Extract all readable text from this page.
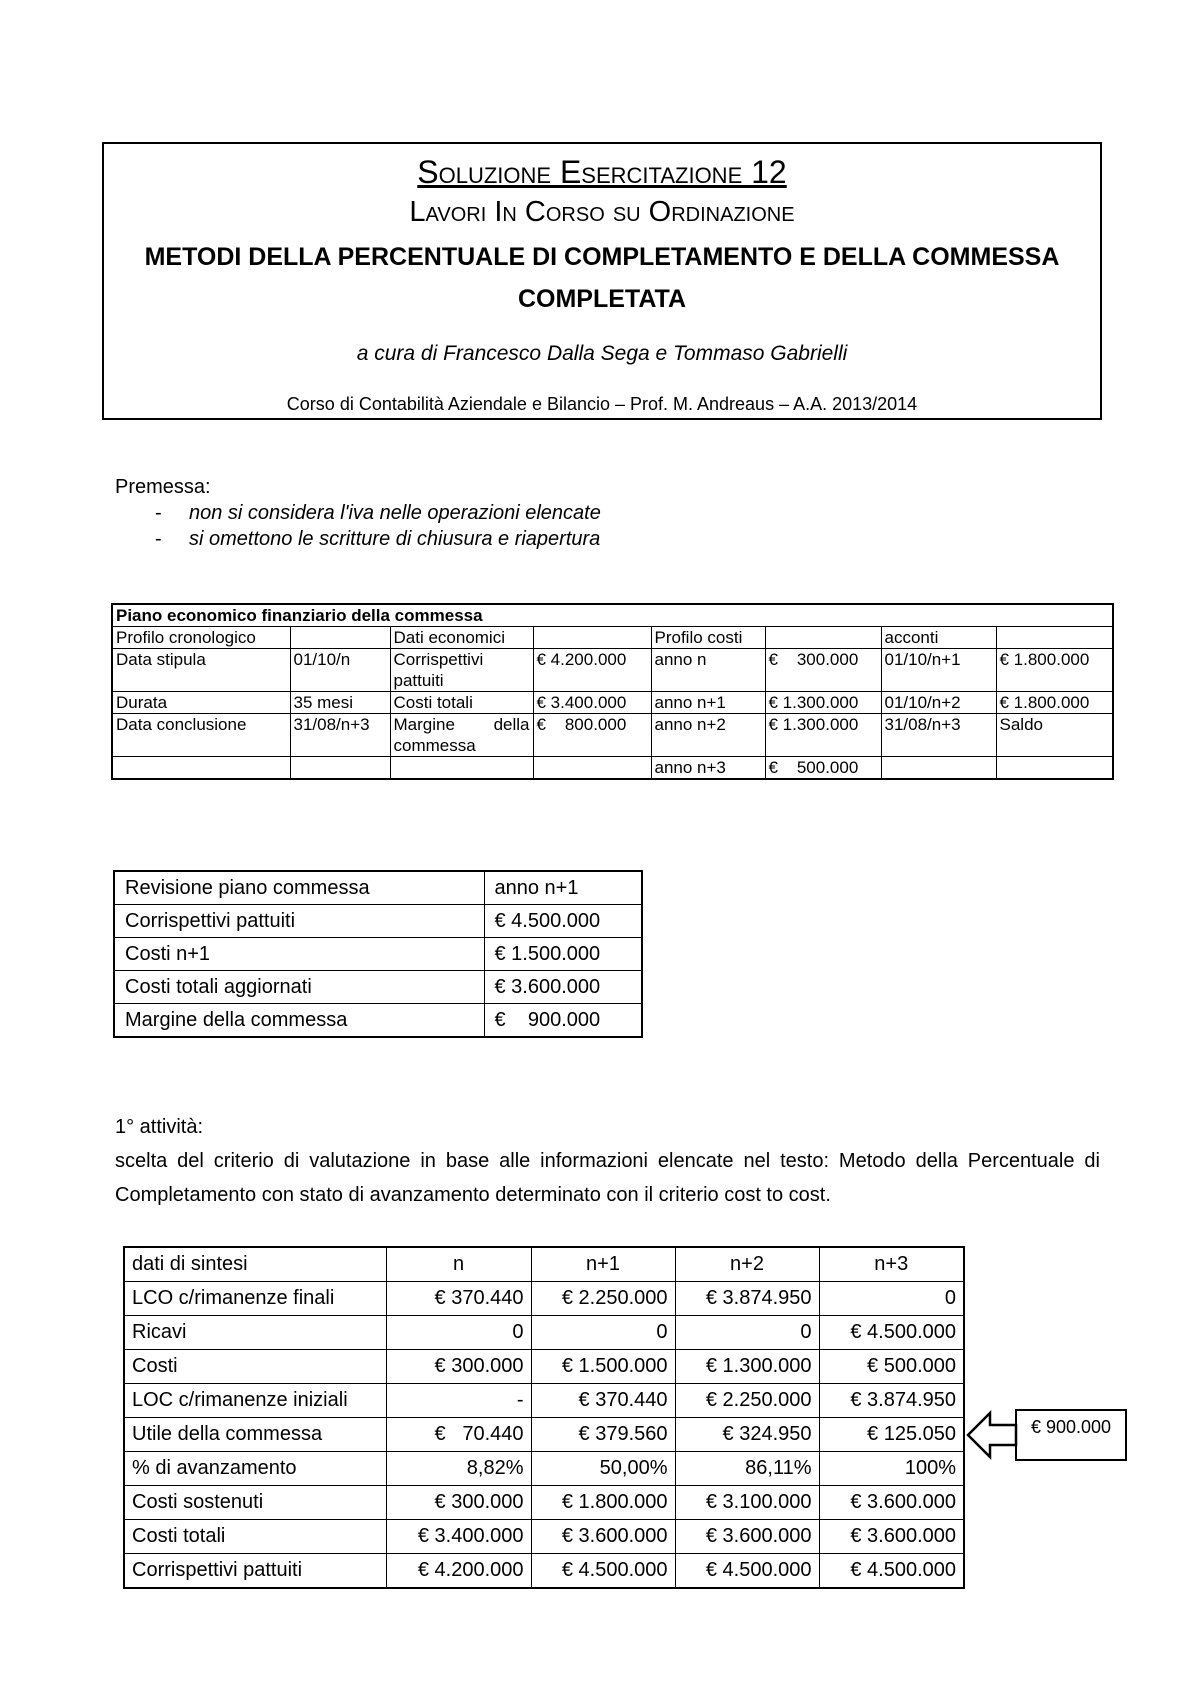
Soluzione Esercitazione 12
Lavori In Corso su Ordinazione
METODI DELLA PERCENTUALE DI COMPLETAMENTO E DELLA COMMESSA COMPLETATA
a cura di Francesco Dalla Sega e Tommaso Gabrielli
Corso di Contabilità Aziendale e Bilancio – Prof. M. Andreaus – A.A. 2013/2014
Premessa:
- non si considera l'iva nelle operazioni elencate
- si omettono le scritture di chiusura e riapertura
Piano economico finanziario della commessa							
Profilo cronologico		Dati economici		Profilo costi		acconti	
Data stipula	01/10/n	Corrispettivi pattuiti	€ 4.200.000	anno n	€    300.000	01/10/n+1	€ 1.800.000
Durata	35 mesi	Costi totali	€ 3.400.000	anno n+1	€ 1.300.000	01/10/n+2	€ 1.800.000
Data conclusione	31/08/n+3	Margine della commessa	€    800.000	anno n+2	€ 1.300.000	31/08/n+3	Saldo
				anno n+3	€    500.000		
Revisione piano commessa	anno n+1
Corrispettivi pattuiti	€ 4.500.000
Costi n+1	€ 1.500.000
Costi totali aggiornati	€ 3.600.000
Margine della commessa	€    900.000
1° attività:
scelta del criterio di valutazione in base alle informazioni elencate nel testo: Metodo della Percentuale di Completamento con stato di avanzamento determinato con il criterio cost to cost.
dati di sintesi	n	n+1	n+2	n+3
LCO c/rimanenze finali	€ 370.440	€ 2.250.000	€ 3.874.950	0
Ricavi	0	0	0	€ 4.500.000
Costi	€ 300.000	€ 1.500.000	€ 1.300.000	€ 500.000
LOC c/rimanenze iniziali	-	€ 370.440	€ 2.250.000	€ 3.874.950
Utile della commessa	€   70.440	€ 379.560	€ 324.950	€ 125.050
% di avanzamento	8,82%	50,00%	86,11%	100%
Costi sostenuti	€ 300.000	€ 1.800.000	€ 3.100.000	€ 3.600.000
Costi totali	€ 3.400.000	€ 3.600.000	€ 3.600.000	€ 3.600.000
Corrispettivi pattuiti	€ 4.200.000	€ 4.500.000	€ 4.500.000	€ 4.500.000
€ 900.000
